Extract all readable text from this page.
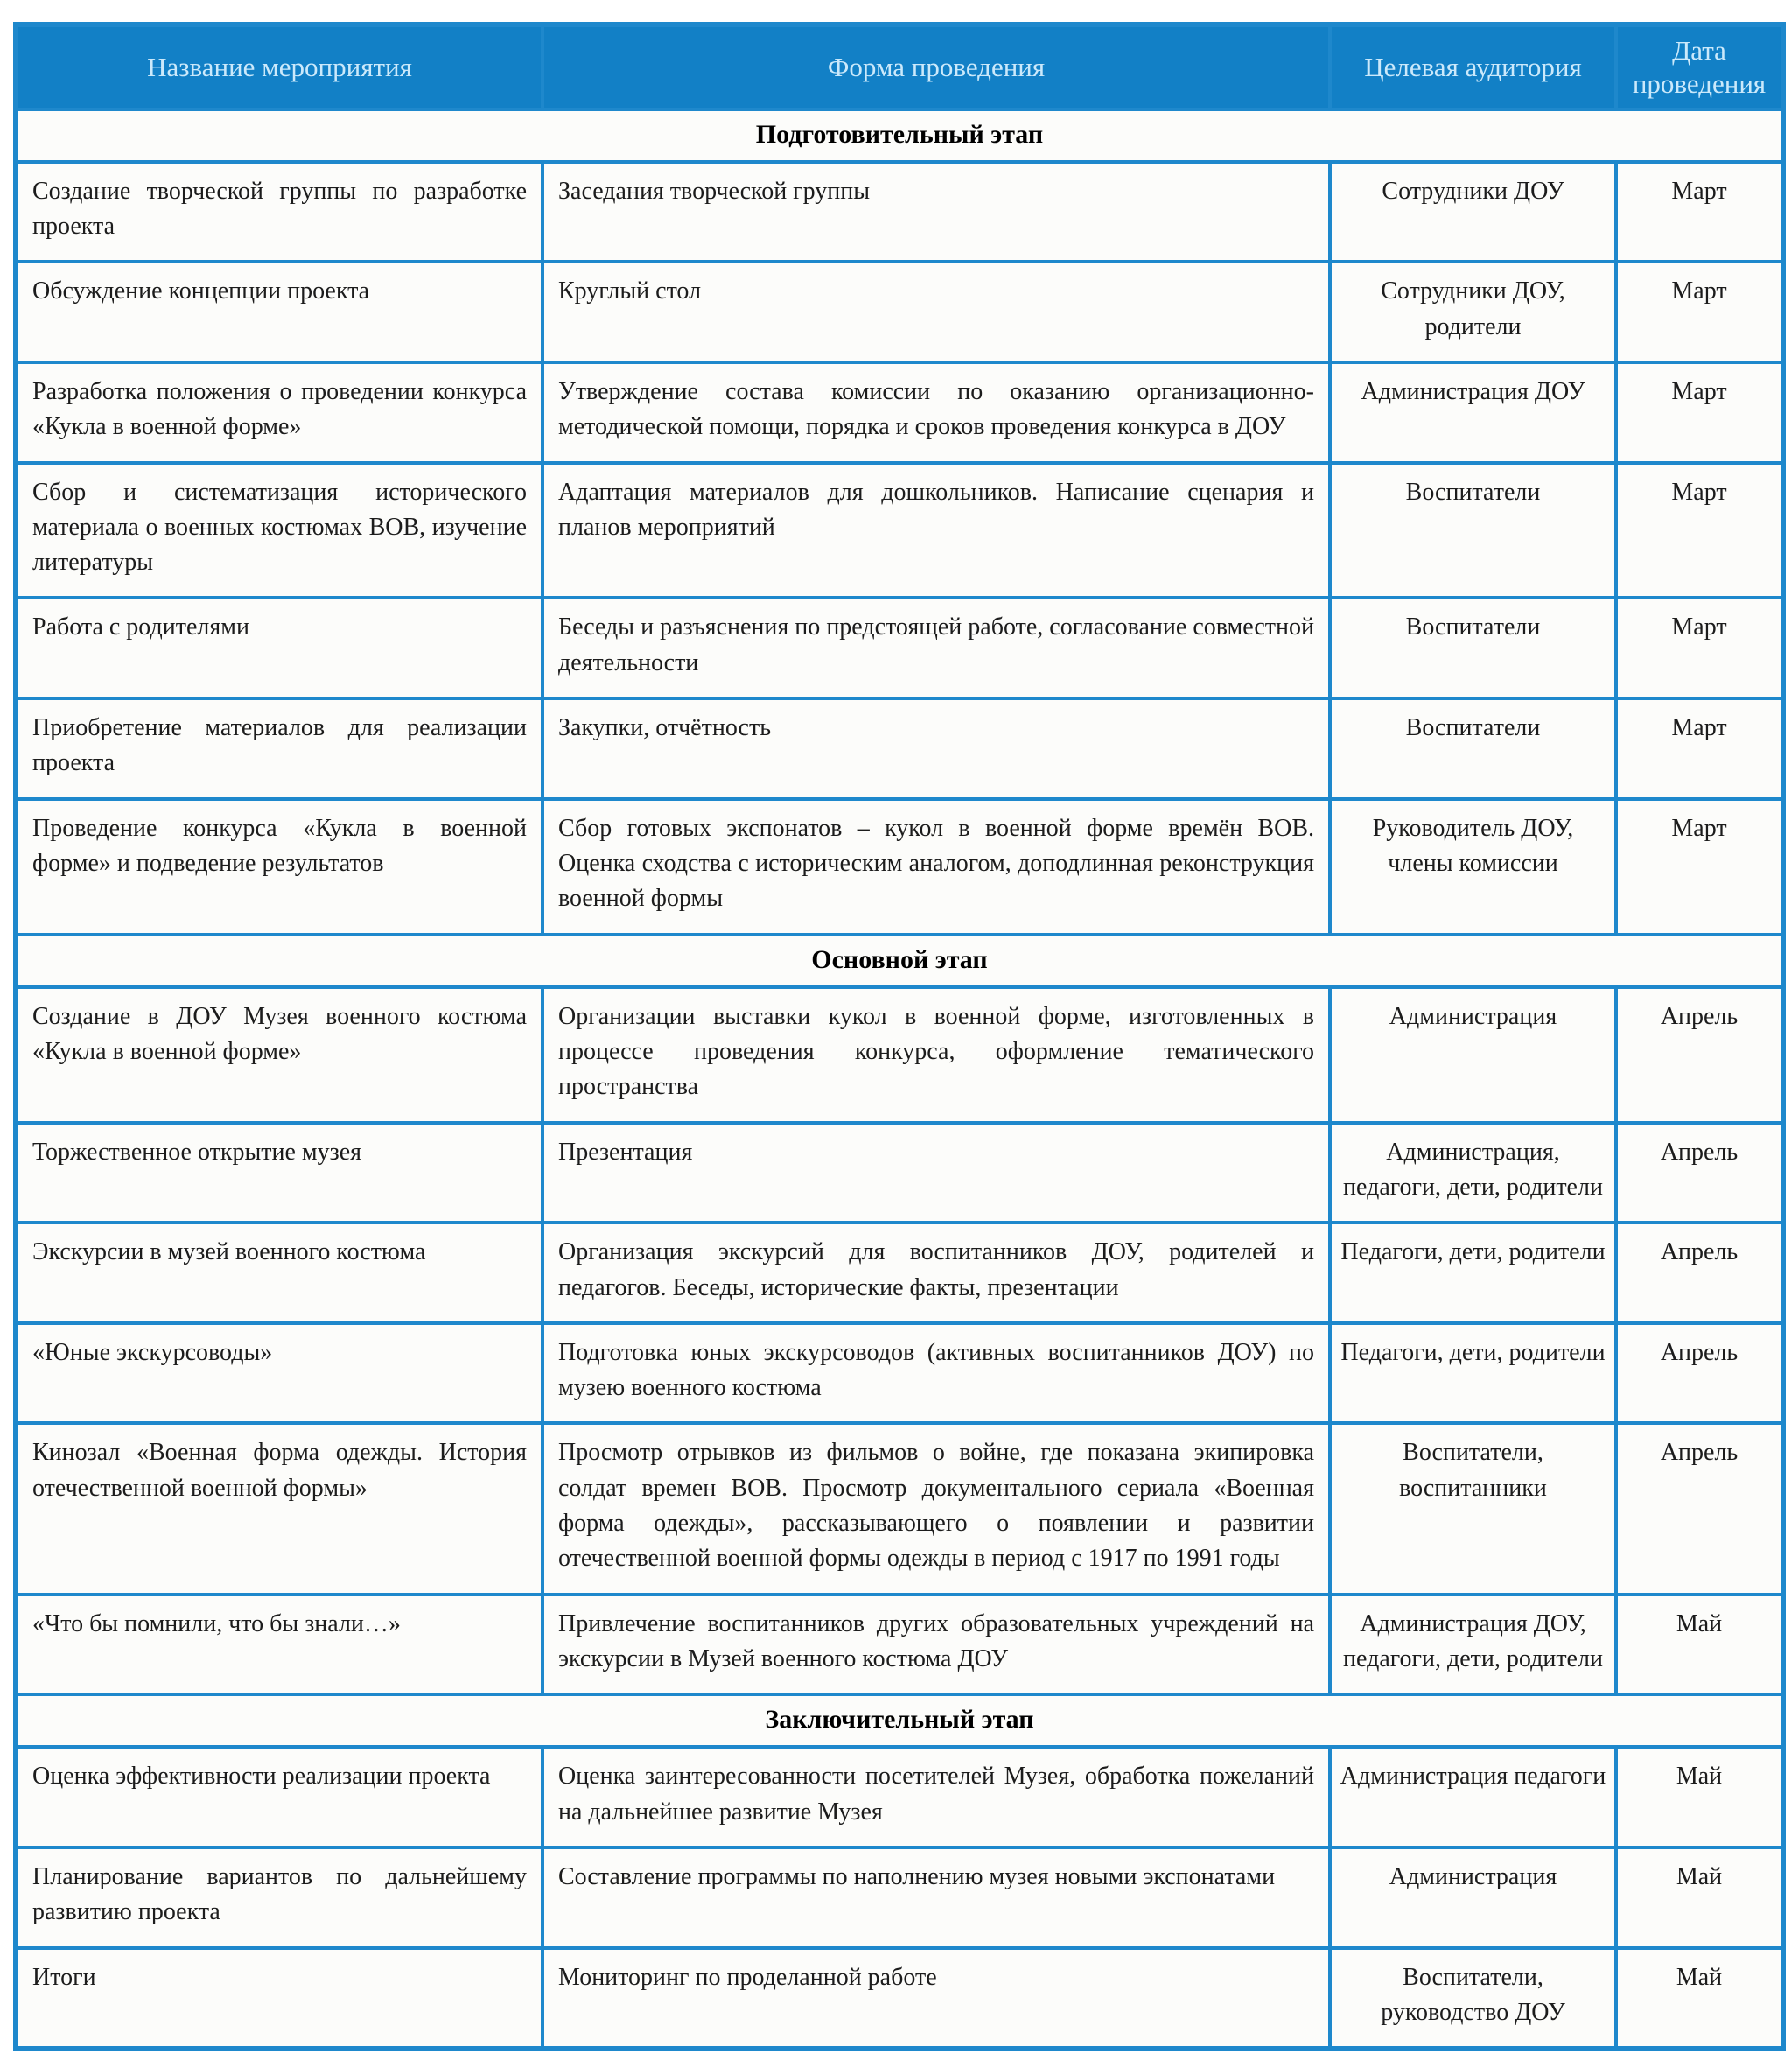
Название мероприятия	Форма проведения	Целевая аудитория	Дата проведения
Подготовительный этап			
Создание творческой группы по разработке проекта	Заседания творческой группы	Сотрудники ДОУ	Март
Обсуждение концепции проекта	Круглый стол	Сотрудники ДОУ, родители	Март
Разработка положения о проведении конкурса «Кукла в военной форме»	Утверждение состава комиссии по оказанию организационно-методической помощи, порядка и сроков проведения конкурса в ДОУ	Администрация ДОУ	Март
Сбор и систематизация исторического материала о военных костюмах ВОВ, изучение литературы	Адаптация материалов для дошкольников. Написание сценария и планов мероприятий	Воспитатели	Март
Работа с родителями	Беседы и разъяснения по предстоящей работе, согласование совместной деятельности	Воспитатели	Март
Приобретение материалов для реализации проекта	Закупки, отчётность	Воспитатели	Март
Проведение конкурса «Кукла в военной форме» и подведение результатов	Сбор готовых экспонатов – кукол в военной форме времён ВОВ. Оценка сходства с историческим аналогом, доподлинная реконструкция военной формы	Руководитель ДОУ, члены комиссии	Март
Основной этап			
Создание в ДОУ Музея военного костюма «Кукла в военной форме»	Организации выставки кукол в военной форме, изготовленных в процессе проведения конкурса, оформление тематического пространства	Администрация	Апрель
Торжественное открытие музея	Презентация	Администрация, педагоги, дети, родители	Апрель
Экскурсии в музей военного костюма	Организация экскурсий для воспитанников ДОУ, родителей и педагогов. Беседы, исторические факты, презентации	Педагоги, дети, родители	Апрель
«Юные экскурсоводы»	Подготовка юных экскурсоводов (активных воспитанников ДОУ) по музею военного костюма	Педагоги, дети, родители	Апрель
Кинозал «Военная форма одежды. История отечественной военной формы»	Просмотр отрывков из фильмов о войне, где показана экипировка солдат времен ВОВ. Просмотр документального сериала «Военная форма одежды», рассказывающего о появлении и развитии отечественной военной формы одежды в период с 1917 по 1991 годы	Воспитатели, воспитанники	Апрель
«Что бы помнили, что бы знали…»	Привлечение воспитанников других образовательных учреждений на экскурсии в Музей военного костюма ДОУ	Администрация ДОУ, педагоги, дети, родители	Май
Заключительный этап			
Оценка эффективности реализации проекта	Оценка заинтересованности посетителей Музея, обработка пожеланий на дальнейшее развитие Музея	Администрация педагоги	Май
Планирование вариантов по дальнейшему развитию проекта	Составление программы по наполнению музея новыми экспонатами	Администрация	Май
Итоги	Мониторинг по проделанной работе	Воспитатели, руководство ДОУ	Май
